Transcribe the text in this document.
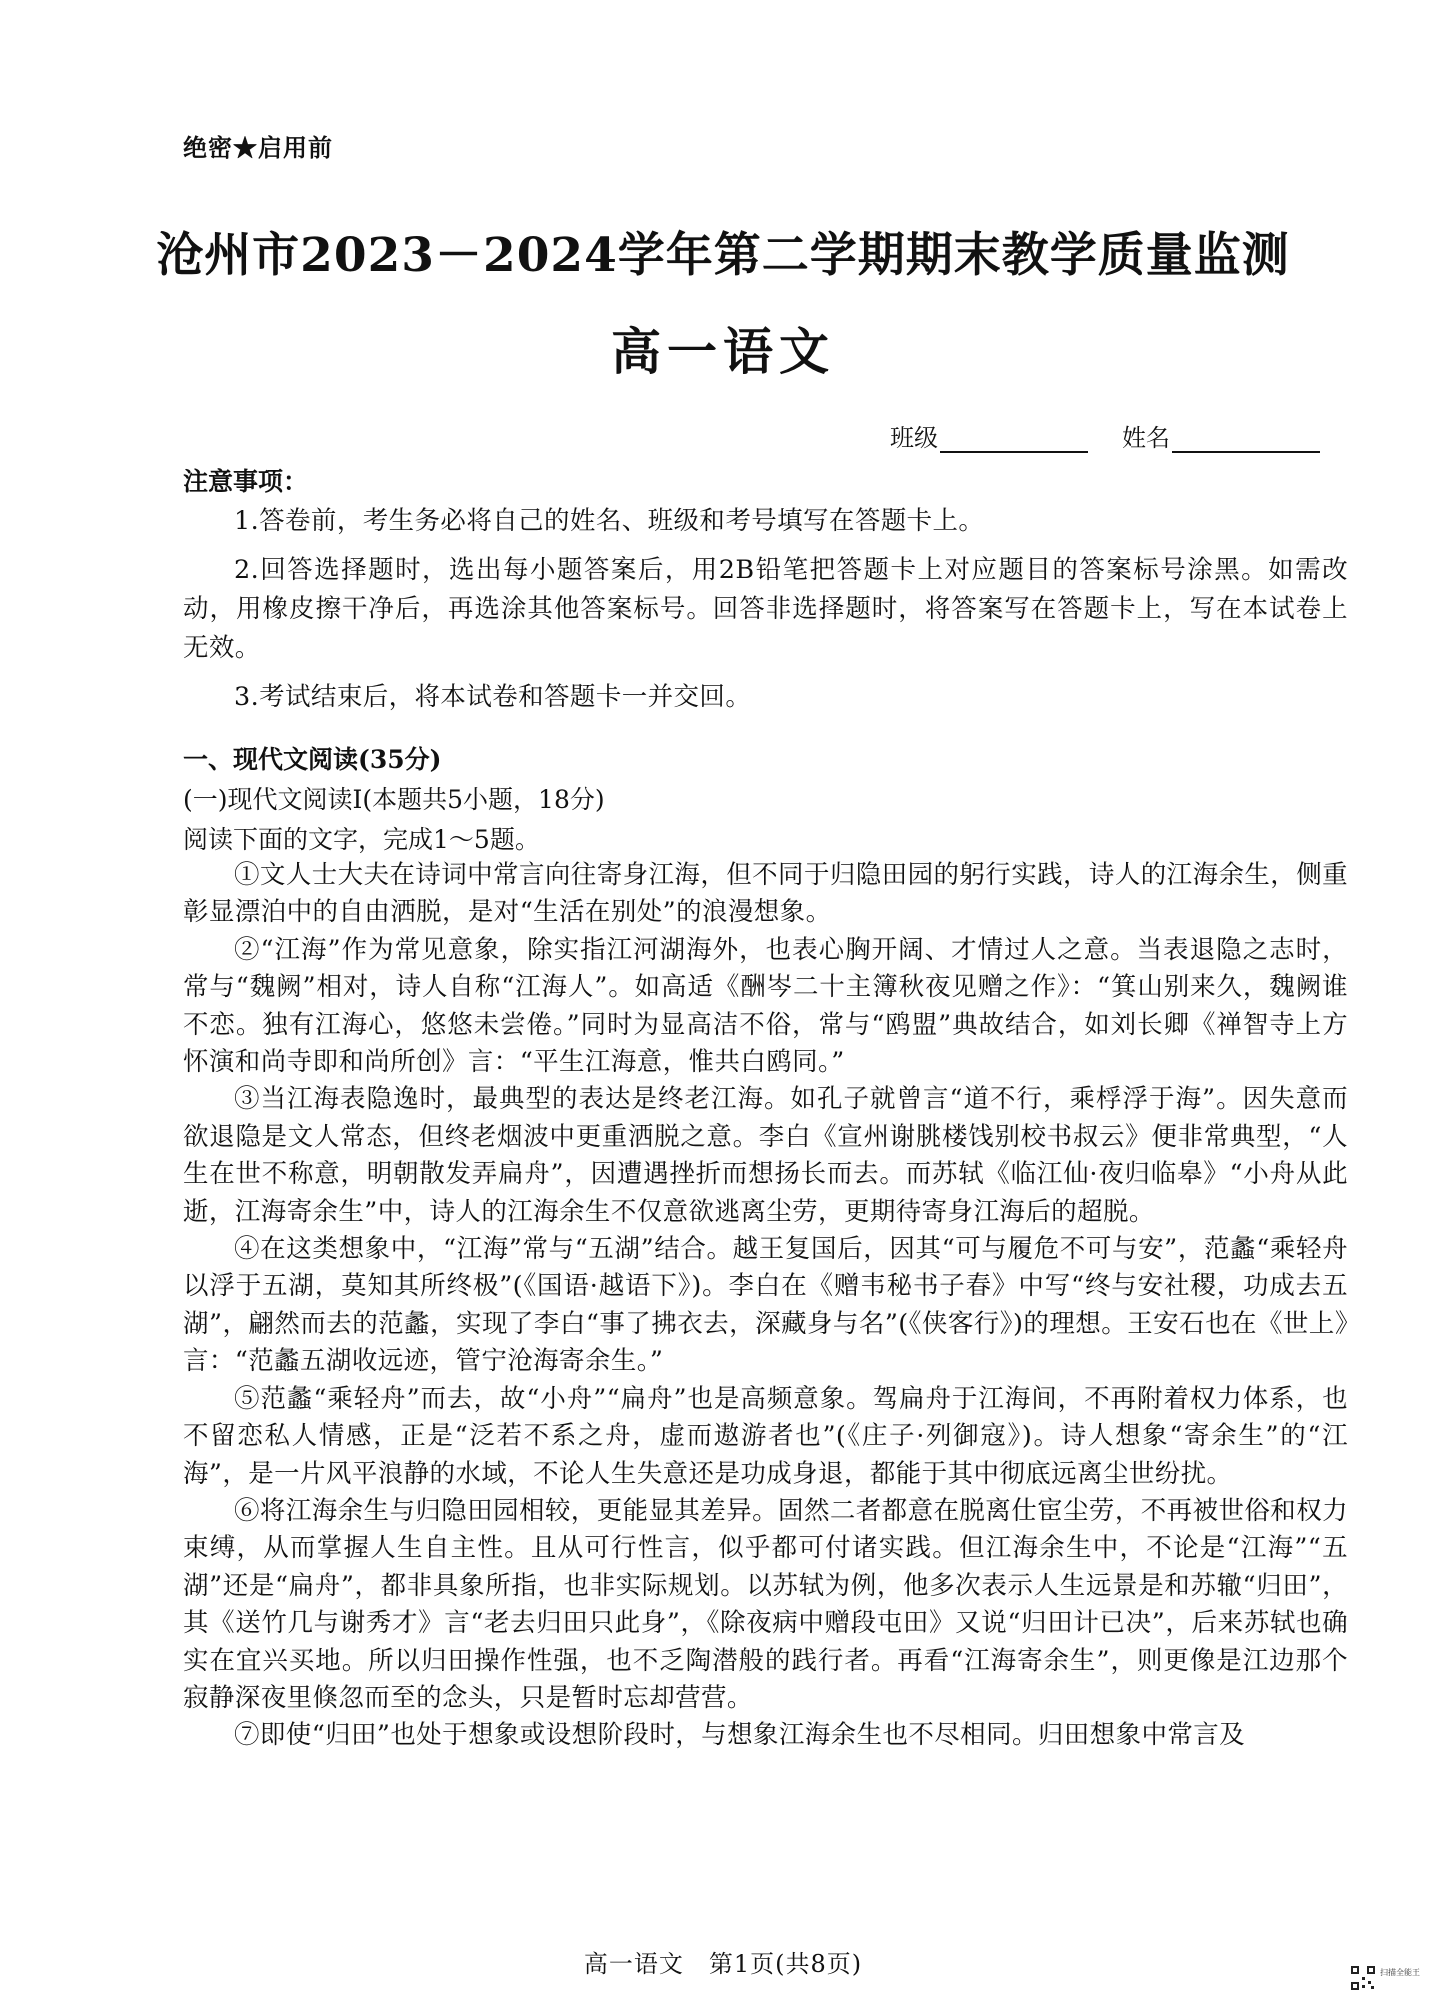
绝密★启用前
沧州市2023－2024学年第二学期期末教学质量监测
高一语文
班级	姓名
注意事项：

1.答卷前，考生务必将自己的姓名、班级和考号填写在答题卡上。

2.回答选择题时，选出每小题答案后，用2B铅笔把答题卡上对应题目的答案标号涂黑。如需改动，用橡皮擦干净后，再选涂其他答案标号。回答非选择题时，将答案写在答题卡上，写在本试卷上无效。

3.考试结束后，将本试卷和答题卡一并交回。

一、现代文阅读(35分)
(一)现代文阅读Ⅰ(本题共5小题，18分)
阅读下面的文字，完成1～5题。

①文人士大夫在诗词中常言向往寄身江海，但不同于归隐田园的躬行实践，诗人的江海余生，侧重彰显漂泊中的自由洒脱，是对“生活在别处”的浪漫想象。

②“江海”作为常见意象，除实指江河湖海外，也表心胸开阔、才情过人之意。当表退隐之志时，常与“魏阙”相对，诗人自称“江海人”。如高适《酬岑二十主簿秋夜见赠之作》：“箕山别来久，魏阙谁不恋。独有江海心，悠悠未尝倦。”同时为显高洁不俗，常与“鸥盟”典故结合，如刘长卿《禅智寺上方怀演和尚寺即和尚所创》言：“平生江海意，惟共白鸥同。”

③当江海表隐逸时，最典型的表达是终老江海。如孔子就曾言“道不行，乘桴浮于海”。因失意而欲退隐是文人常态，但终老烟波中更重洒脱之意。李白《宣州谢朓楼饯别校书叔云》便非常典型，“人生在世不称意，明朝散发弄扁舟”，因遭遇挫折而想扬长而去。而苏轼《临江仙·夜归临皋》“小舟从此逝，江海寄余生”中，诗人的江海余生不仅意欲逃离尘劳，更期待寄身江海后的超脱。

④在这类想象中，“江海”常与“五湖”结合。越王复国后，因其“可与履危不可与安”，范蠡“乘轻舟以浮于五湖，莫知其所终极”(《国语·越语下》)。李白在《赠韦秘书子春》中写“终与安社稷，功成去五湖”，翩然而去的范蠡，实现了李白“事了拂衣去，深藏身与名”(《侠客行》)的理想。王安石也在《世上》言：“范蠡五湖收远迹，管宁沧海寄余生。”

⑤范蠡“乘轻舟”而去，故“小舟”“扁舟”也是高频意象。驾扁舟于江海间，不再附着权力体系，也不留恋私人情感，正是“泛若不系之舟，虚而遨游者也”(《庄子·列御寇》)。诗人想象“寄余生”的“江海”，是一片风平浪静的水域，不论人生失意还是功成身退，都能于其中彻底远离尘世纷扰。

⑥将江海余生与归隐田园相较，更能显其差异。固然二者都意在脱离仕宦尘劳，不再被世俗和权力束缚，从而掌握人生自主性。且从可行性言，似乎都可付诸实践。但江海余生中，不论是“江海”“五湖”还是“扁舟”，都非具象所指，也非实际规划。以苏轼为例，他多次表示人生远景是和苏辙“归田”，其《送竹几与谢秀才》言“老去归田只此身”，《除夜病中赠段屯田》又说“归田计已决”，后来苏轼也确实在宜兴买地。所以归田操作性强，也不乏陶潜般的践行者。再看“江海寄余生”，则更像是江边那个寂静深夜里倏忽而至的念头，只是暂时忘却营营。

⑦即使“归田”也处于想象或设想阶段时，与想象江海余生也不尽相同。归田想象中常言及

高一语文　第1页(共8页)	扫描全能王
